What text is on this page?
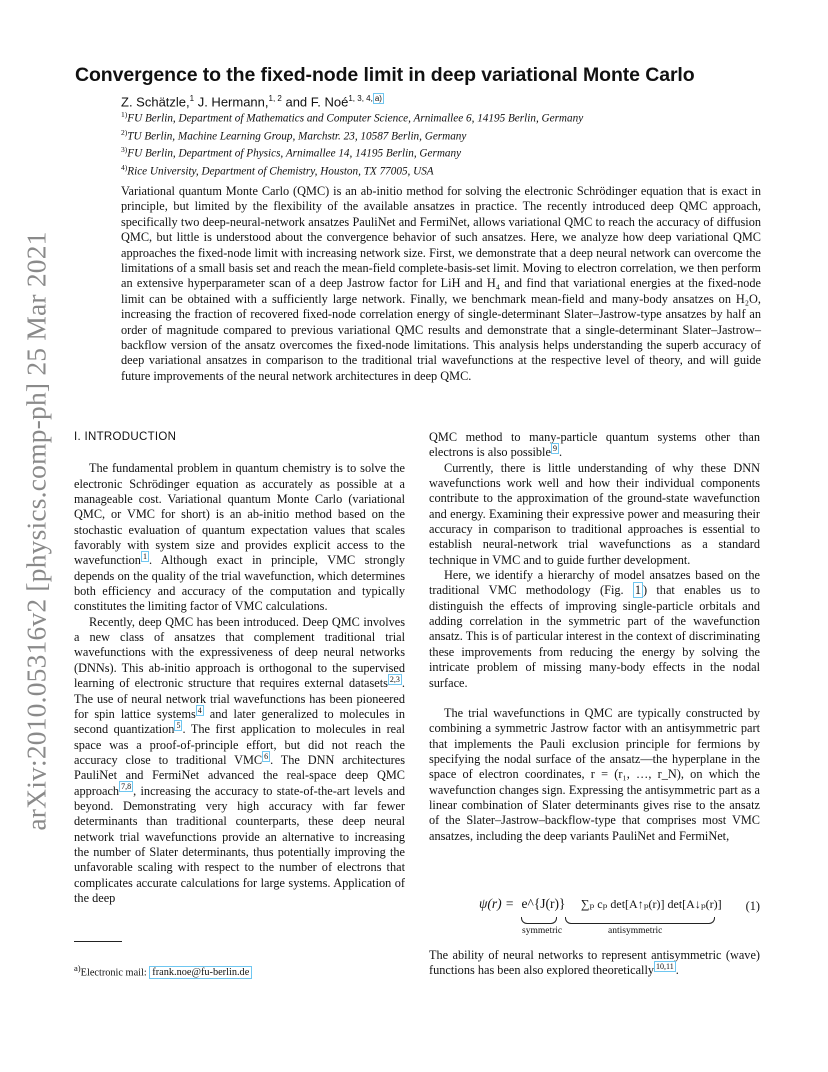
arXiv:2010.05316v2 [physics.comp-ph] 25 Mar 2021
Convergence to the fixed-node limit in deep variational Monte Carlo
Z. Schätzle,$^1$ J. Hermann,$^{1, 2}$ and F. Noé$^{1, 3, 4,}$ $^{a)}$
$^{1)}$FU Berlin, Department of Mathematics and Computer Science, Arnimallee 6, 14195 Berlin, Germany
$^{2)}$TU Berlin, Machine Learning Group, Marchstr. 23, 10587 Berlin, Germany
$^{3)}$FU Berlin, Department of Physics, Arnimallee 14, 14195 Berlin, Germany
$^{4)}$Rice University, Department of Chemistry, Houston, TX 77005, USA

Variational quantum Monte Carlo (QMC) is an ab-initio method for solving the electronic Schrödinger equation that is exact in principle, but limited by the flexibility of the available ansatzes in practice. The recently introduced deep QMC approach, specifically two deep-neural-network ansatzes PauliNet and FermiNet, allows variational QMC to reach the accuracy of diffusion QMC, but little is understood about the convergence behavior of such ansatzes. Here, we analyze how deep variational QMC approaches the fixed-node limit with increasing network size. First, we demonstrate that a deep neural network can overcome the limitations of a small basis set and reach the mean-field complete-basis-set limit. Moving to electron correlation, we then perform an extensive hyperparameter scan of a deep Jastrow factor for LiH and H₄ and find that variational energies at the fixed-node limit can be obtained with a sufficiently large network. Finally, we benchmark mean-field and many-body ansatzes on H₂O, increasing the fraction of recovered fixed-node correlation energy of single-determinant Slater–Jastrow-type ansatzes by half an order of magnitude compared to previous variational QMC results and demonstrate that a single-determinant Slater–Jastrow–backflow version of the ansatz overcomes the fixed-node limitations. This analysis helps understanding the superb accuracy of deep variational ansatzes in comparison to the traditional trial wavefunctions at the respective level of theory, and will guide future improvements of the neural network architectures in deep QMC.

I. INTRODUCTION

The fundamental problem in quantum chemistry is to solve the electronic Schrödinger equation as accurately as possible at a manageable cost. Variational quantum Monte Carlo (variational QMC, or VMC for short) is an ab-initio method based on the stochastic evaluation of quantum expectation values that scales favorably with system size and provides explicit access to the wavefunction $^1$ . Although exact in principle, VMC strongly depends on the quality of the trial wavefunction, which determines both efficiency and accuracy of the computation and typically constitutes the limiting factor of VMC calculations.

Recently, deep QMC has been introduced. Deep QMC involves a new class of ansatzes that complement traditional trial wavefunctions with the expressiveness of deep neural networks (DNNs). This ab-initio approach is orthogonal to the supervised learning of electronic structure that requires external datasets $^{2,3}$ . The use of neural network trial wavefunctions has been pioneered for spin lattice systems $^4$ and later generalized to molecules in second quantization $^5$ . The first application to molecules in real space was a proof-of-principle effort, but did not reach the accuracy close to traditional VMC $^6$ . The DNN architectures PauliNet and FermiNet advanced the real-space deep QMC approach $^{7,8}$ , increasing the accuracy to state-of-the-art levels and beyond. Demonstrating very high accuracy with far fewer determinants than traditional counterparts, these deep neural network trial wavefunctions provide an alternative to increasing the number of Slater determinants, thus potentially improving the unfavorable scaling with respect to the number of electrons that complicates accurate calculations for large systems. Application of the deep

QMC method to many-particle quantum systems other than electrons is also possible $^9$ .

Currently, there is little understanding of why these DNN wavefunctions work well and how their individual components contribute to the approximation of the ground-state wavefunction and energy. Examining their expressive power and measuring their accuracy in comparison to traditional approaches is essential to establish neural-network trial wavefunctions as a standard technique in VMC and to guide further development.

Here, we identify a hierarchy of model ansatzes based on the traditional VMC methodology (Fig. 1 ) that enables us to distinguish the effects of improving single-particle orbitals and adding correlation in the symmetric part of the wavefunction ansatz. This is of particular interest in the context of discriminating these improvements from reducing the energy by solving the intricate problem of missing many-body effects in the nodal surface.

The trial wavefunctions in QMC are typically constructed by combining a symmetric Jastrow factor with an antisymmetric part that implements the Pauli exclusion principle for fermions by specifying the nodal surface of the ansatz—the hyperplane in the space of electron coordinates, r = (r₁, …, r_N), on which the wavefunction changes sign. Expressing the antisymmetric part as a linear combination of Slater determinants gives rise to the ansatz of the Slater–Jastrow–backflow-type that comprises most VMC ansatzes, including the deep variants PauliNet and FermiNet,

ψ(r) = e^{J(r)} ∑ₚ cₚ det[A↑ₚ(r)] det[A↓ₚ(r)]
symmetric	antisymmetric
(1)

The ability of neural networks to represent antisymmetric (wave) functions has been also explored theoretically $^{10,11}$ .

$^{a)}$Electronic mail: frank.noe@fu-berlin.de
